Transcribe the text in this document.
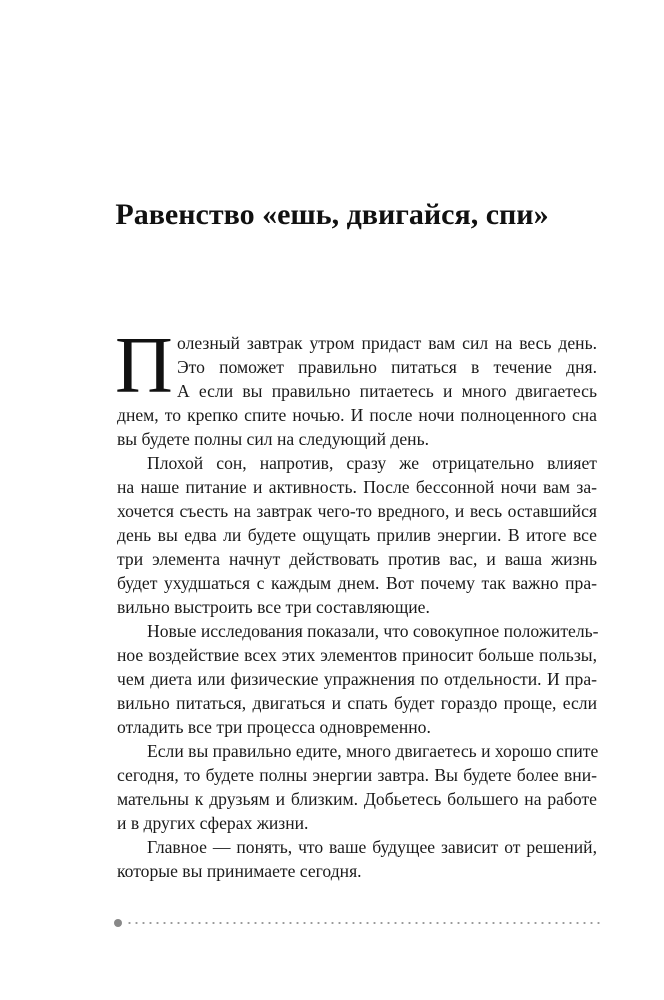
Равенство «ешь, двигайся, спи»
П олезный завтрак утром придаст вам сил на весь день.
Это поможет правильно питаться в течение дня.
А если вы правильно питаетесь и много двигаетесь
днем, то крепко спите ночью. И после ночи полноценного сна
вы будете полны сил на следующий день.
Плохой сон, напротив, сразу же отрицательно влияет
на наше питание и активность. После бессонной ночи вам за-
хочется съесть на завтрак чего-то вредного, и весь оставшийся
день вы едва ли будете ощущать прилив энергии. В итоге все
три элемента начнут действовать против вас, и ваша жизнь
будет ухудшаться с каждым днем. Вот почему так важно пра-
вильно выстроить все три составляющие.
Новые исследования показали, что совокупное положитель-
ное воздействие всех этих элементов приносит больше пользы,
чем диета или физические упражнения по отдельности. И пра-
вильно питаться, двигаться и спать будет гораздо проще, если
отладить все три процесса одновременно.
Если вы правильно едите, много двигаетесь и хорошо спите
сегодня, то будете полны энергии завтра. Вы будете более вни-
мательны к друзьям и близким. Добьетесь большего на работе
и в других сферах жизни.
Главное — понять, что ваше будущее зависит от решений,
которые вы принимаете сегодня.
